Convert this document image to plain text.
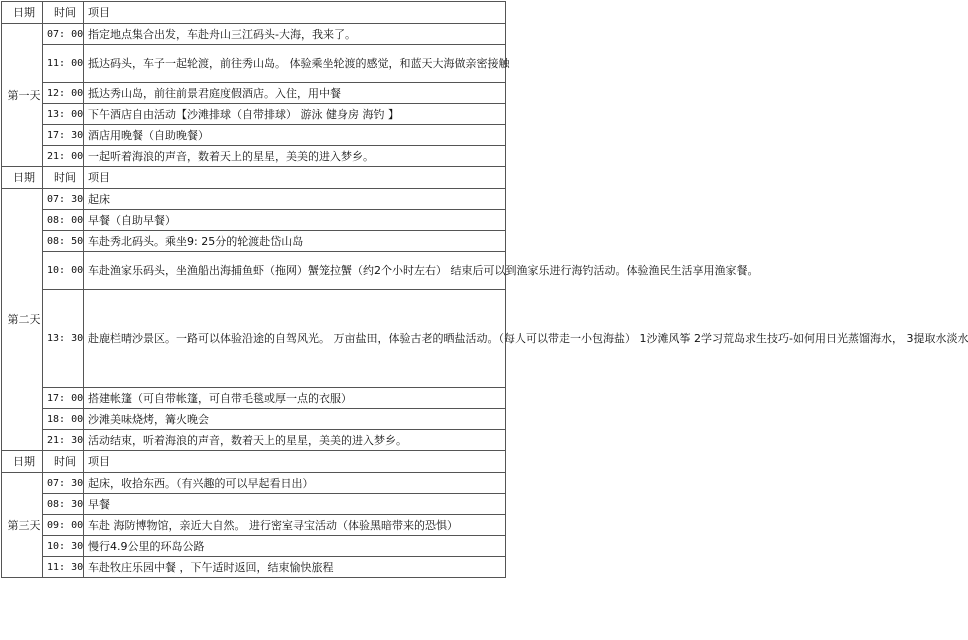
日期	时间	项目
第一天	07: 00	指定地点集合出发，车赴舟山三江码头-大海，我来了。
	11: 00	抵达码头，车子一起轮渡，前往秀山岛。 体验乘坐轮渡的感觉，和蓝天大海做亲密接触
	12: 00	抵达秀山岛，前往前景君庭度假酒店。入住，用中餐
	13: 00	下午酒店自由活动【沙滩排球（自带排球） 游泳 健身房 海钓 】
	17: 30	酒店用晚餐（自助晚餐）
	21: 00	一起听着海浪的声音，数着天上的星星，美美的进入梦乡。
日期	时间	项目
第二天	07: 30	起床
	08: 00	早餐（自助早餐）
	08: 50	车赴秀北码头。乘坐9: 25分的轮渡赴岱山岛
	10: 00	车赴渔家乐码头，坐渔船出海捕鱼虾（拖网）蟹笼拉蟹（约2个小时左右） 结束后可以到渔家乐进行海钓活动。体验渔民生活享用渔家餐。
	13: 30	赴鹿栏晴沙景区。一路可以体验沿途的自驾风光。 万亩盐田，体验古老的晒盐活动。（每人可以带走一小包海盐） 1沙滩风筝 2学习荒岛求生技巧-如何用日光蒸馏海水， 3提取水淡水
	17: 00	搭建帐篷（可自带帐篷，可自带毛毯或厚一点的衣服）
	18: 00	沙滩美味烧烤，篝火晚会
	21: 30	活动结束，听着海浪的声音，数着天上的星星，美美的进入梦乡。
日期	时间	项目
第三天	07: 30	起床，收拾东西。（有兴趣的可以早起看日出）
	08: 30	早餐
	09: 00	车赴 海防博物馆，亲近大自然。 进行密室寻宝活动（体验黑暗带来的恐惧）
	10: 30	慢行4.9公里的环岛公路
	11: 30	车赴牧庄乐园中餐 ，下午适时返回，结束愉快旅程
